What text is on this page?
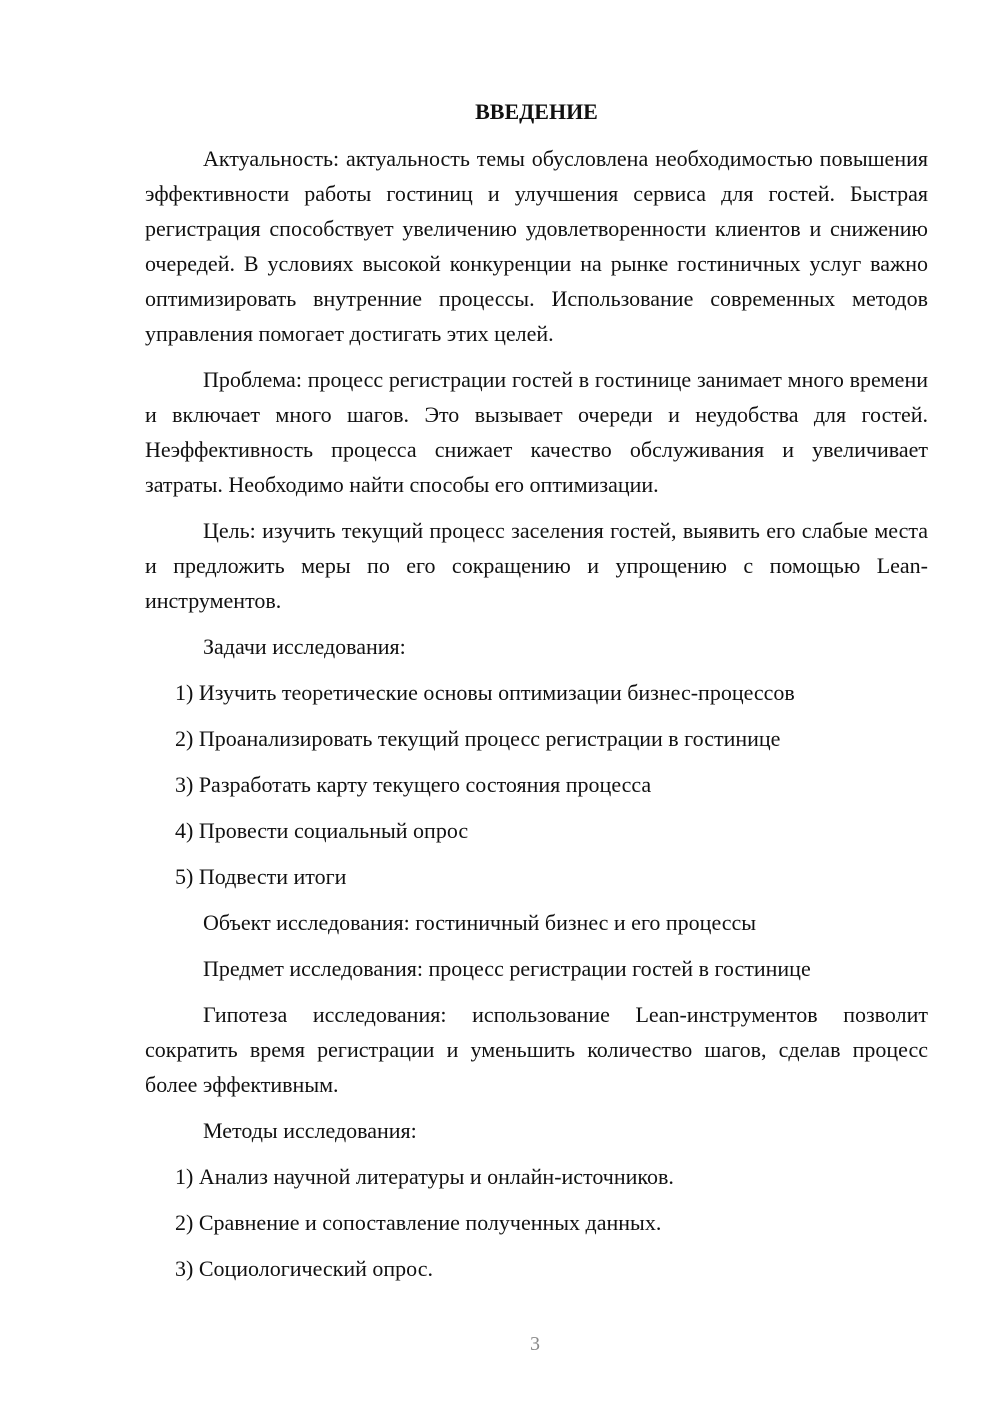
ВВЕДЕНИЕ

Актуальность: актуальность темы обусловлена необходимостью повышения эффективности работы гостиниц и улучшения сервиса для гостей. Быстрая регистрация способствует увеличению удовлетворенности клиентов и снижению очередей. В условиях высокой конкуренции на рынке гостиничных услуг важно оптимизировать внутренние процессы. Использование современных методов управления помогает достигать этих целей.

Проблема: процесс регистрации гостей в гостинице занимает много времени и включает много шагов. Это вызывает очереди и неудобства для гостей. Неэффективность процесса снижает качество обслуживания и увеличивает затраты. Необходимо найти способы его оптимизации.

Цель: изучить текущий процесс заселения гостей, выявить его слабые места и предложить меры по его сокращению и упрощению с помощью Lean-инструментов.

Задачи исследования:

1) Изучить теоретические основы оптимизации бизнес-процессов
2) Проанализировать текущий процесс регистрации в гостинице
3) Разработать карту текущего состояния процесса
4) Провести социальный опрос
5) Подвести итоги

Объект исследования: гостиничный бизнес и его процессы

Предмет исследования: процесс регистрации гостей в гостинице

Гипотеза исследования: использование Lean-инструментов позволит сократить время регистрации и уменьшить количество шагов, сделав процесс более эффективным.

Методы исследования:

1) Анализ научной литературы и онлайн-источников.
2) Сравнение и сопоставление полученных данных.
3) Социологический опрос.
3
